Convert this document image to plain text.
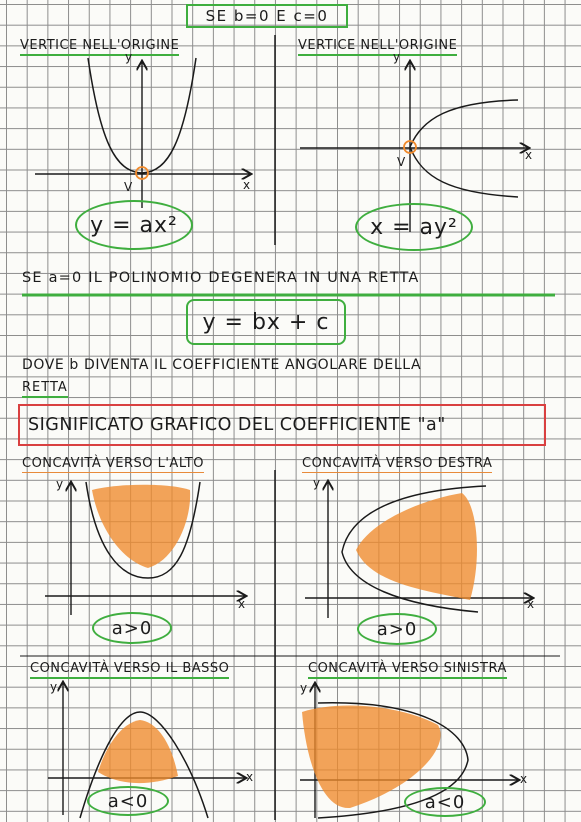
SE b=0 E c=0
VERTICE NELL'ORIGINE
y
x
V
y = ax²
VERTICE NELL'ORIGINE
y
x
V
x = ay²
SE a=0 IL POLINOMIO DEGENERA IN UNA RETTA
y = bx + c
DOVE b DIVENTA IL COEFFICIENTE ANGOLARE DELLA
RETTA
SIGNIFICATO GRAFICO DEL COEFFICIENTE "a"
CONCAVITÀ VERSO L'ALTO	CONCAVITÀ VERSO DESTRA
CONCAVITÀ VERSO IL BASSO	CONCAVITÀ VERSO SINISTRA
y
x
y
x
y
x
y
x
a>0	a>0
a<0	a<0
